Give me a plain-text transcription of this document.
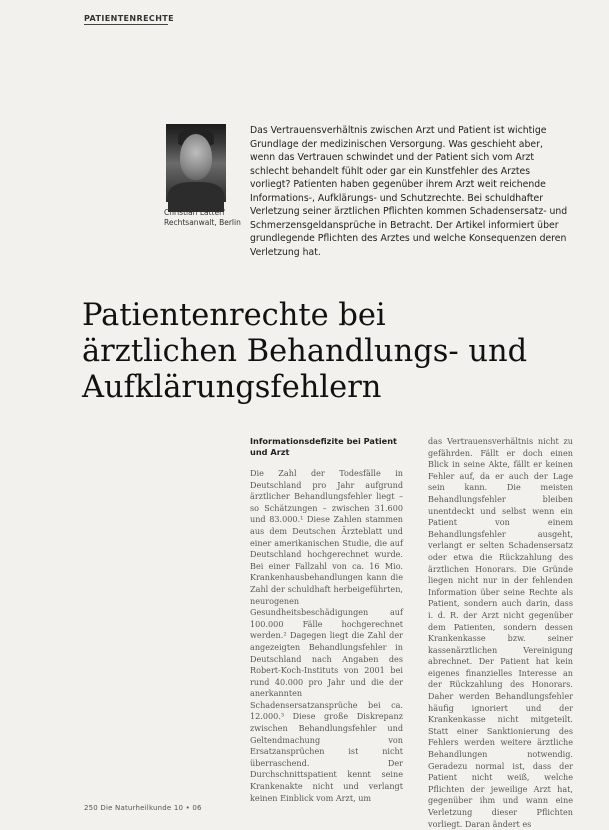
PATIENTENRECHTE
Christian Latterf
Rechtsanwalt, Berlin

Das Vertrauensverhältnis zwischen Arzt und Patient ist wichtige Grundlage der medizinischen Versorgung. Was geschieht aber, wenn das Vertrauen schwindet und der Patient sich vom Arzt schlecht behandelt fühlt oder gar ein Kunstfehler des Arztes vorliegt? Patienten haben gegenüber ihrem Arzt weit reichende Informations-, Aufklärungs- und Schutzrechte. Bei schuldhafter Verletzung seiner ärztlichen Pflichten kommen Schadensersatz- und Schmerzensgeldansprüche in Betracht. Der Artikel informiert über grundlegende Pflichten des Arztes und welche Konsequenzen deren Verletzung hat.

Patientenrechte bei
ärztlichen Behandlungs- und
Aufklärungsfehlern
Informationsdefizite bei Patient und Arzt
Die Zahl der Todesfälle in Deutschland pro Jahr aufgrund ärztlicher Behandlungsfehler liegt – so Schätzungen – zwischen 31.600 und 83.000.¹ Diese Zahlen stammen aus dem Deutschen Ärzteblatt und einer amerikanischen Studie, die auf Deutschland hochgerechnet wurde. Bei einer Fallzahl von ca. 16 Mio. Krankenhausbehandlungen kann die Zahl der schuldhaft herbeigeführten, neurogenen Gesundheitsbeschädigungen auf 100.000 Fälle hochgerechnet werden.² Dagegen liegt die Zahl der angezeigten Behandlungsfehler in Deutschland nach Angaben des Robert-Koch-Instituts von 2001 bei rund 40.000 pro Jahr und die der anerkannten Schadensersatzansprüche bei ca. 12.000.³ Diese große Diskrepanz zwischen Behandlungsfehler und Geltendmachung von Ersatzansprüchen ist nicht überraschend. Der Durchschnittspatient kennt seine Krankenakte nicht und verlangt keinen Einblick vom Arzt, um
das Vertrauensverhältnis nicht zu gefährden. Fällt er doch einen Blick in seine Akte, fällt er keinen Fehler auf, da er auch der Lage sein kann. Die meisten Behandlungsfehler bleiben unentdeckt und selbst wenn ein Patient von einem Behandlungsfehler ausgeht, verlangt er selten Schadensersatz oder etwa die Rückzahlung des ärztlichen Honorars. Die Gründe liegen nicht nur in der fehlenden Information über seine Rechte als Patient, sondern auch darin, dass i. d. R. der Arzt nicht gegenüber dem Patienten, sondern dessen Krankenkasse bzw. seiner kassenärztlichen Vereinigung abrechnet. Der Patient hat kein eigenes finanzielles Interesse an der Rückzahlung des Honorars. Daher werden Behandlungsfehler häufig ignoriert und der Krankenkasse nicht mitgeteilt. Statt einer Sanktionierung des Fehlers werden weitere ärztliche Behandlungen notwendig. Geradezu normal ist, dass der Patient nicht weiß, welche Pflichten der jeweilige Arzt hat, gegenüber ihm und wann eine Verletzung dieser Pflichten vorliegt. Daran ändert es
250 Die Naturheilkunde 10 • 06
